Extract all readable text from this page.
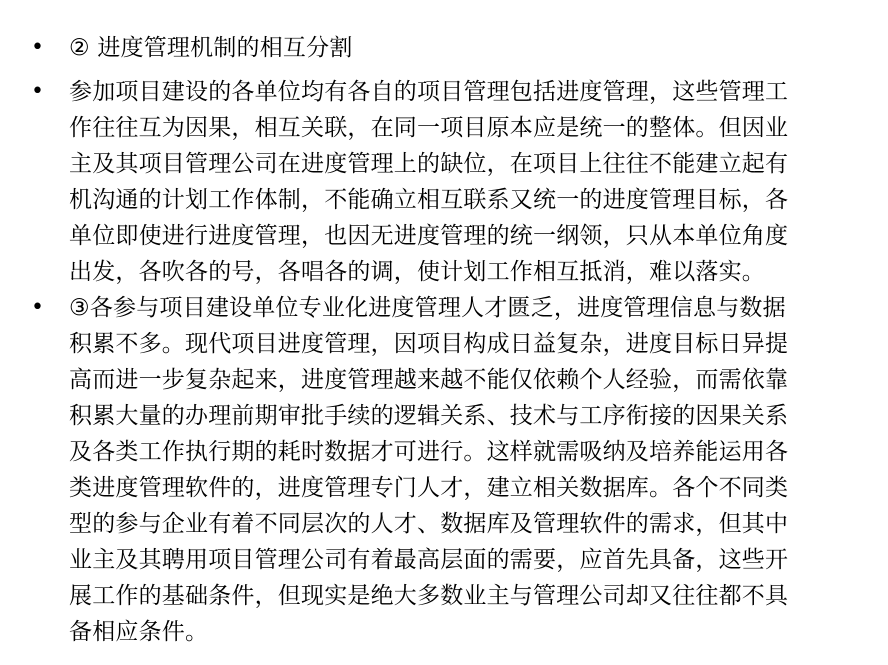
• ② 进度管理机制的相互分割
• 参加项目建设的各单位均有各自的项目管理包括进度管理，这些管理工
作往往互为因果，相互关联，在同一项目原本应是统一的整体。但因业
主及其项目管理公司在进度管理上的缺位，在项目上往往不能建立起有
机沟通的计划工作体制，不能确立相互联系又统一的进度管理目标，各
单位即使进行进度管理，也因无进度管理的统一纲领，只从本单位角度
出发，各吹各的号，各唱各的调，使计划工作相互抵消，难以落实。
• ③各参与项目建设单位专业化进度管理人才匮乏，进度管理信息与数据
积累不多。现代项目进度管理，因项目构成日益复杂，进度目标日异提
高而进一步复杂起来，进度管理越来越不能仅依赖个人经验，而需依靠
积累大量的办理前期审批手续的逻辑关系、技术与工序衔接的因果关系
及各类工作执行期的耗时数据才可进行。这样就需吸纳及培养能运用各
类进度管理软件的，进度管理专门人才，建立相关数据库。各个不同类
型的参与企业有着不同层次的人才、数据库及管理软件的需求，但其中
业主及其聘用项目管理公司有着最高层面的需要，应首先具备，这些开
展工作的基础条件，但现实是绝大多数业主与管理公司却又往往都不具
备相应条件。
